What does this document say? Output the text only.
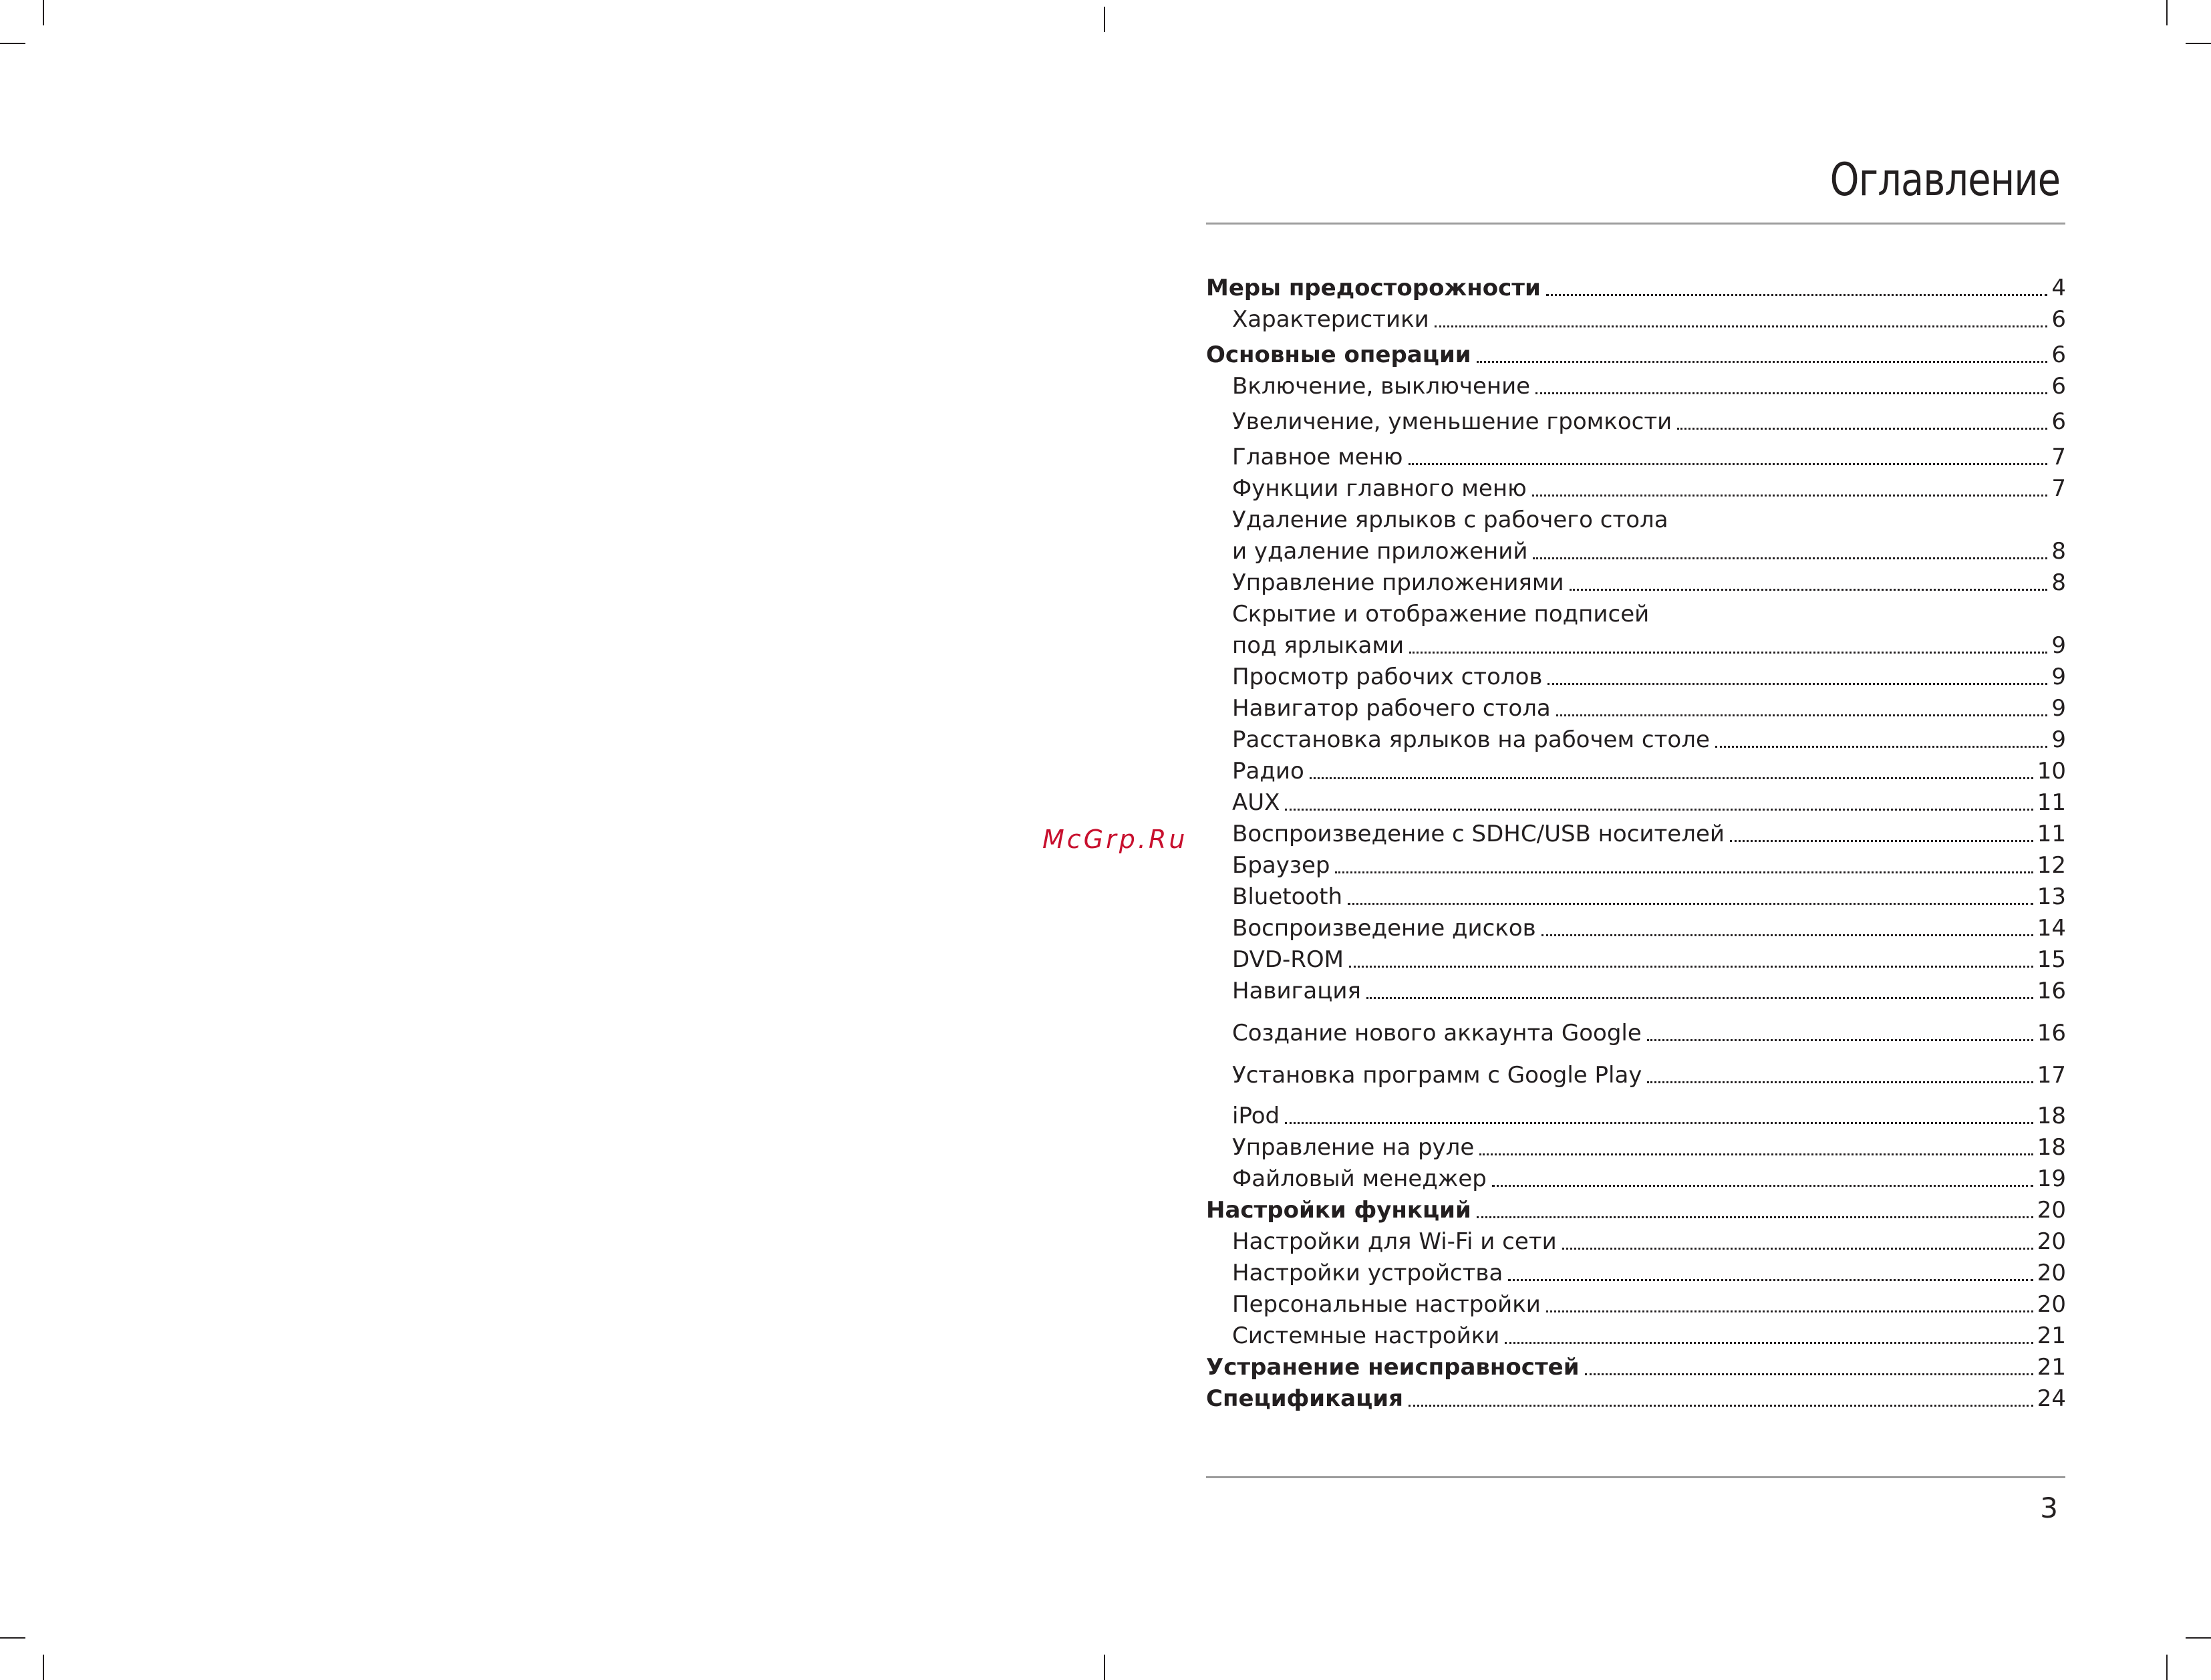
McGrp.Ru
Оглавление
Меры предосторожности	4
Характеристики	6
Основные операции	6
Включение, выключение	6
Увеличение, уменьшение громкости	6
Главное меню	7
Функции главного меню	7
Удаление ярлыков с рабочего стола
и удаление приложений	8
Управление приложениями	8
Скрытие и отображение подписей
под ярлыками	9
Просмотр рабочих столов	9
Навигатор рабочего стола	9
Расстановка ярлыков на рабочем столе	9
Радио	10
AUX	11
Воспроизведение с SDHC/USB носителей	11
Браузер	12
Bluetooth	13
Воспроизведение дисков	14
DVD-ROM	15
Навигация	16
Создание нового аккаунта Google	16
Установка программ с Google Play	17
iPod	18
Управление на руле	18
Файловый менеджер	19
Настройки функций	20
Настройки для Wi-Fi и сети	20
Настройки устройства	20
Персональные настройки	20
Системные настройки	21
Устранение неисправностей	21
Спецификация	24
3
